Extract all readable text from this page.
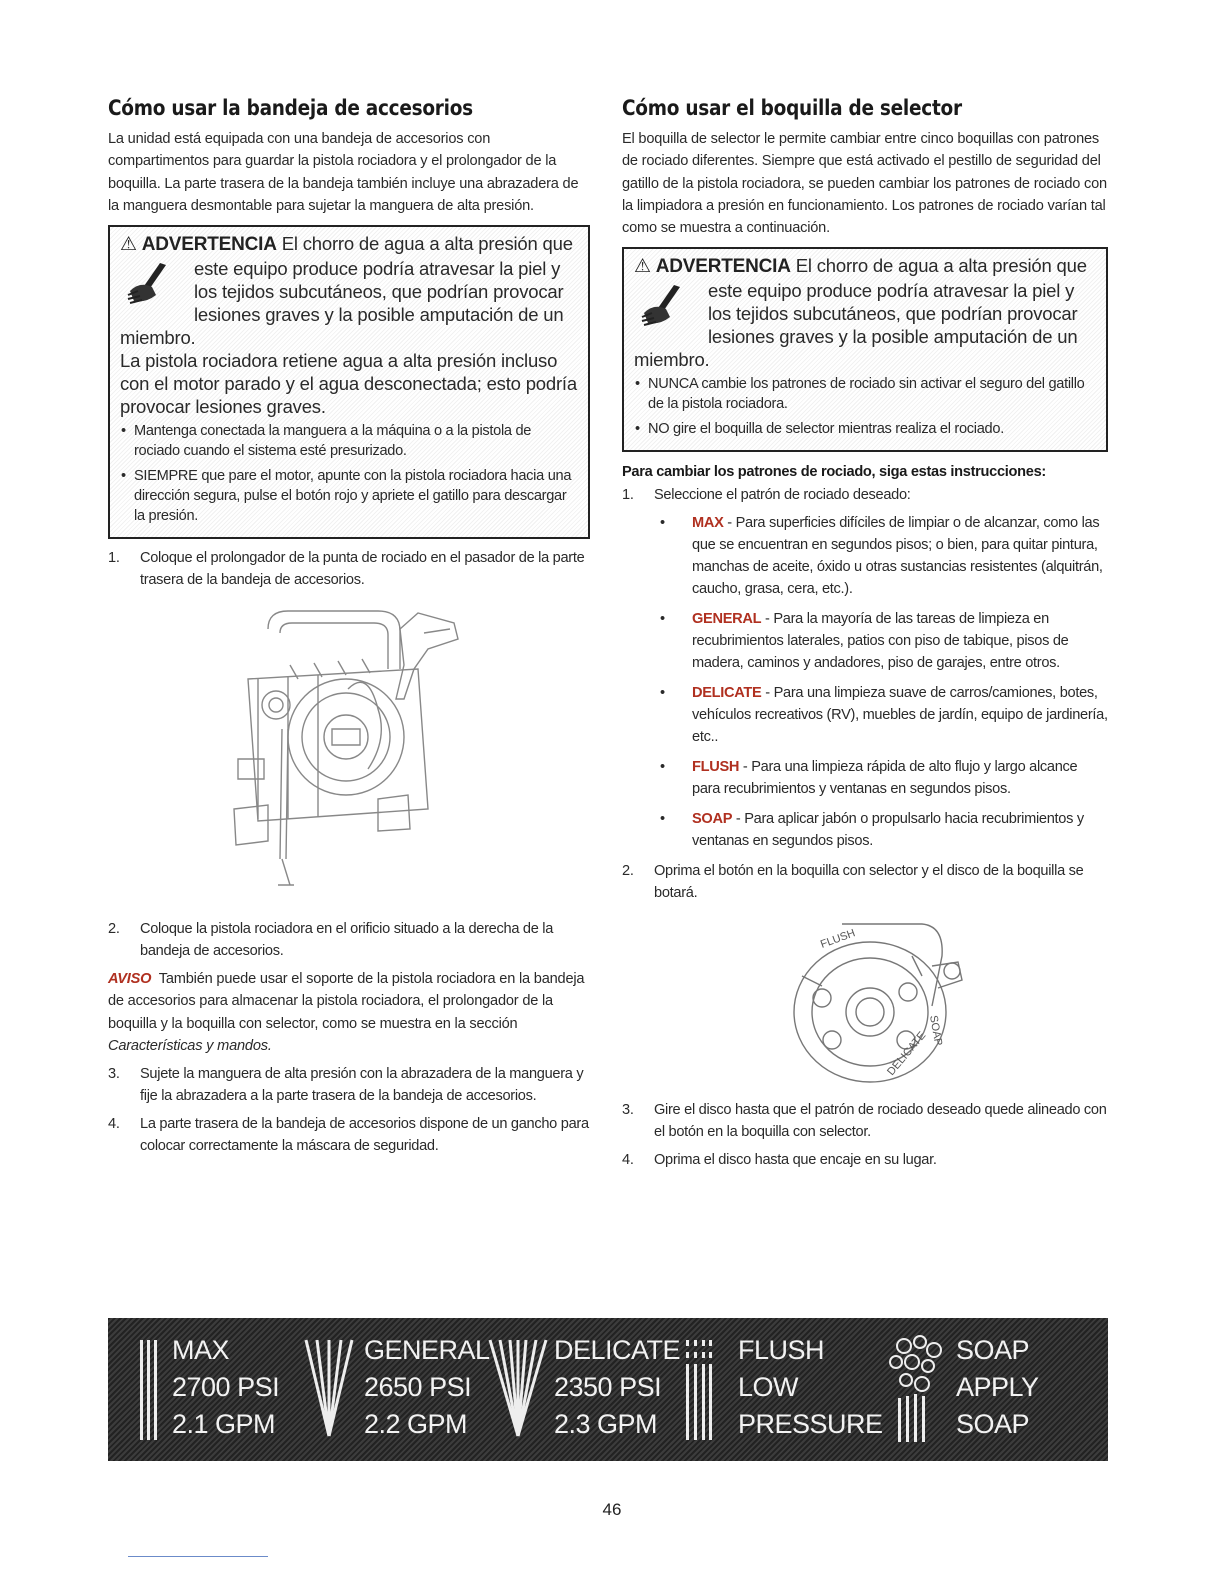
Cómo usar la bandeja de accesorios

La unidad está equipada con una bandeja de accesorios con compartimentos para guardar la pistola rociadora y el prolongador de la boquilla. La parte trasera de la bandeja también incluye una abrazadera de la manguera desmontable para sujetar la manguera de alta presión.

⚠ ADVERTENCIA El chorro de agua a alta presión que
este equipo produce podría atravesar la piel y
los tejidos subcutáneos, que podrían provocar
lesiones graves y la posible amputación de un
miembro.
La pistola rociadora retiene agua a alta presión incluso con el motor parado y el agua desconectada; esto podría provocar lesiones graves.
• Mantenga conectada la manguera a la máquina o a la pistola de rociado cuando el sistema esté presurizado.
• SIEMPRE que pare el motor, apunte con la pistola rociadora hacia una dirección segura, pulse el botón rojo y apriete el gatillo para descargar la presión.
1.	Coloque el prolongador de la punta de rociado en el pasador de la parte trasera de la bandeja de accesorios.
2.	Coloque la pistola rociadora en el orificio situado a la derecha de la bandeja de accesorios.

AVISO También puede usar el soporte de la pistola rociadora en la bandeja de accesorios para almacenar la pistola rociadora, el prolongador de la boquilla y la boquilla con selector, como se muestra en la sección Características y mandos.

3.	Sujete la manguera de alta presión con la abrazadera de la manguera y fije la abrazadera a la parte trasera de la bandeja de accesorios.
4.	La parte trasera de la bandeja de accesorios dispone de un gancho para colocar correctamente la máscara de seguridad.
Cómo usar el boquilla de selector

El boquilla de selector le permite cambiar entre cinco boquillas con patrones de rociado diferentes. Siempre que está activado el pestillo de seguridad del gatillo de la pistola rociadora, se pueden cambiar los patrones de rociado con la limpiadora a presión en funcionamiento. Los patrones de rociado varían tal como se muestra a continuación.

⚠ ADVERTENCIA El chorro de agua a alta presión que
este equipo produce podría atravesar la piel y
los tejidos subcutáneos, que podrían provocar
lesiones graves y la posible amputación de un
miembro.
• NUNCA cambie los patrones de rociado sin activar el seguro del gatillo de la pistola rociadora.
• NO gire el boquilla de selector mientras realiza el rociado.
Para cambiar los patrones de rociado, siga estas instrucciones:
1.	Seleccione el patrón de rociado deseado:
•	MAX - Para superficies difíciles de limpiar o de alcanzar, como las que se encuentran en segundos pisos; o bien, para quitar pintura, manchas de aceite, óxido u otras sustancias resistentes (alquitrán, caucho, grasa, cera, etc.).
•	GENERAL - Para la mayoría de las tareas de limpieza en recubrimientos laterales, patios con piso de tabique, pisos de madera, caminos y andadores, piso de garajes, entre otros.
•	DELICATE - Para una limpieza suave de carros/camiones, botes, vehículos recreativos (RV), muebles de jardín, equipo de jardinería, etc..
•	FLUSH - Para una limpieza rápida de alto flujo y largo alcance para recubrimientos y ventanas en segundos pisos.
•	SOAP - Para aplicar jabón o propulsarlo hacia recubrimientos y ventanas en segundos pisos.
2.	Oprima el botón en la boquilla con selector y el disco de la boquilla se botará.
SOAP
FLUSH
DELICATE
3.	Gire el disco hasta que el patrón de rociado deseado quede alineado con el botón en la boquilla con selector.
4.	Oprima el disco hasta que encaje en su lugar.
MAX
2700 PSI
2.1 GPM
GENERAL
2650 PSI
2.2 GPM
DELICATE
2350 PSI
2.3 GPM
FLUSH
LOW
PRESSURE
SOAP
APPLY
SOAP
46
